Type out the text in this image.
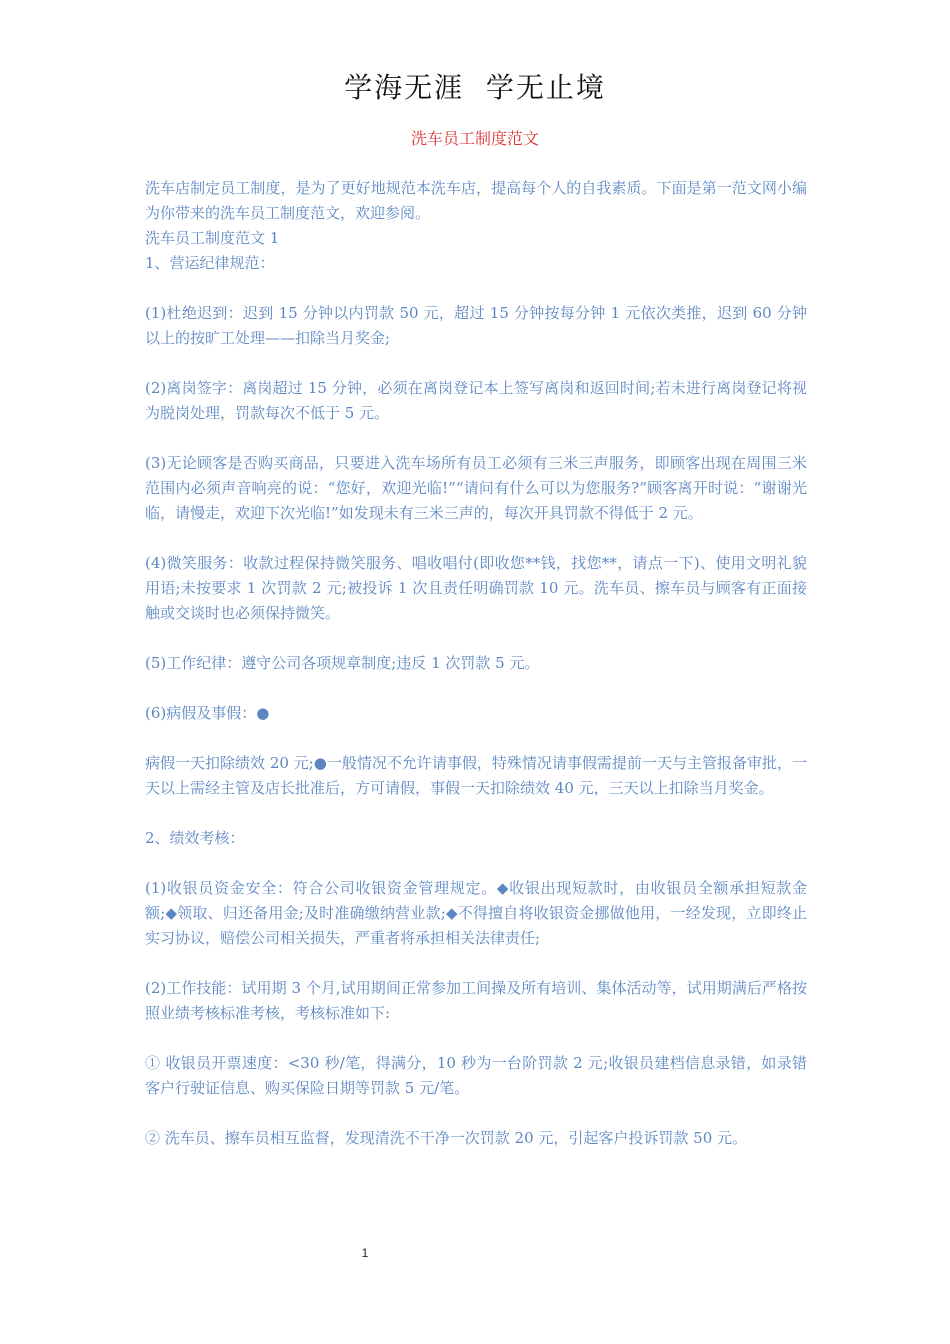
学海无涯  学无止境
洗车员工制度范文

洗车店制定员工制度，是为了更好地规范本洗车店，提高每个人的自我素质。下面是第一范文网小编为你带来的洗车员工制度范文，欢迎参阅。

洗车员工制度范文 1

1、营运纪律规范：

(1)杜绝迟到：迟到 15 分钟以内罚款 50 元，超过 15 分钟按每分钟 1 元依次类推，迟到 60 分钟以上的按旷工处理——扣除当月奖金;

(2)离岗签字：离岗超过 15 分钟，必须在离岗登记本上签写离岗和返回时间;若未进行离岗登记将视为脱岗处理，罚款每次不低于 5 元。

(3)无论顾客是否购买商品，只要进入洗车场所有员工必须有三米三声服务，即顾客出现在周围三米范围内必须声音响亮的说：“您好，欢迎光临!”“请问有什么可以为您服务?”顾客离开时说：“谢谢光临，请慢走，欢迎下次光临!”如发现未有三米三声的，每次开具罚款不得低于 2 元。

(4)微笑服务：收款过程保持微笑服务、唱收唱付(即收您**钱，找您**，请点一下)、使用文明礼貌用语;未按要求 1 次罚款 2 元;被投诉 1 次且责任明确罚款 10 元。洗车员、擦车员与顾客有正面接触或交谈时也必须保持微笑。

(5)工作纪律：遵守公司各项规章制度;违反 1 次罚款 5 元。

(6)病假及事假：●

病假一天扣除绩效 20 元;●一般情况不允许请事假，特殊情况请事假需提前一天与主管报备审批，一天以上需经主管及店长批准后，方可请假，事假一天扣除绩效 40 元，三天以上扣除当月奖金。

2、绩效考核：

(1)收银员资金安全：符合公司收银资金管理规定。◆收银出现短款时，由收银员全额承担短款金额;◆领取、归还备用金;及时准确缴纳营业款;◆不得擅自将收银资金挪做他用，一经发现，立即终止实习协议，赔偿公司相关损失，严重者将承担相关法律责任;

(2)工作技能：试用期 3 个月,试用期间正常参加工间操及所有培训、集体活动等，试用期满后严格按照业绩考核标准考核，考核标准如下:

① 收银员开票速度：<30 秒/笔，得满分，10 秒为一台阶罚款 2 元;收银员建档信息录错，如录错客户行驶证信息、购买保险日期等罚款 5 元/笔。

② 洗车员、擦车员相互监督，发现清洗不干净一次罚款 20 元，引起客户投诉罚款 50 元。

1
